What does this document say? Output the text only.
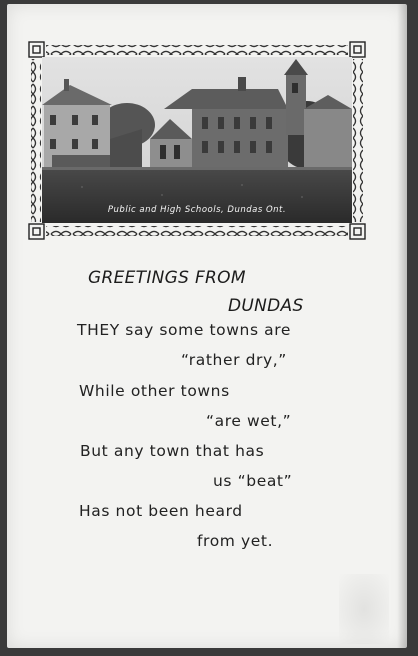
Public and High Schools, Dundas Ont.
GREETINGS FROM
DUNDAS
THEY say some towns are
“rather dry,”
While other towns
“are wet,”
But any town that has
us “beat”
Has not been heard
from yet.
